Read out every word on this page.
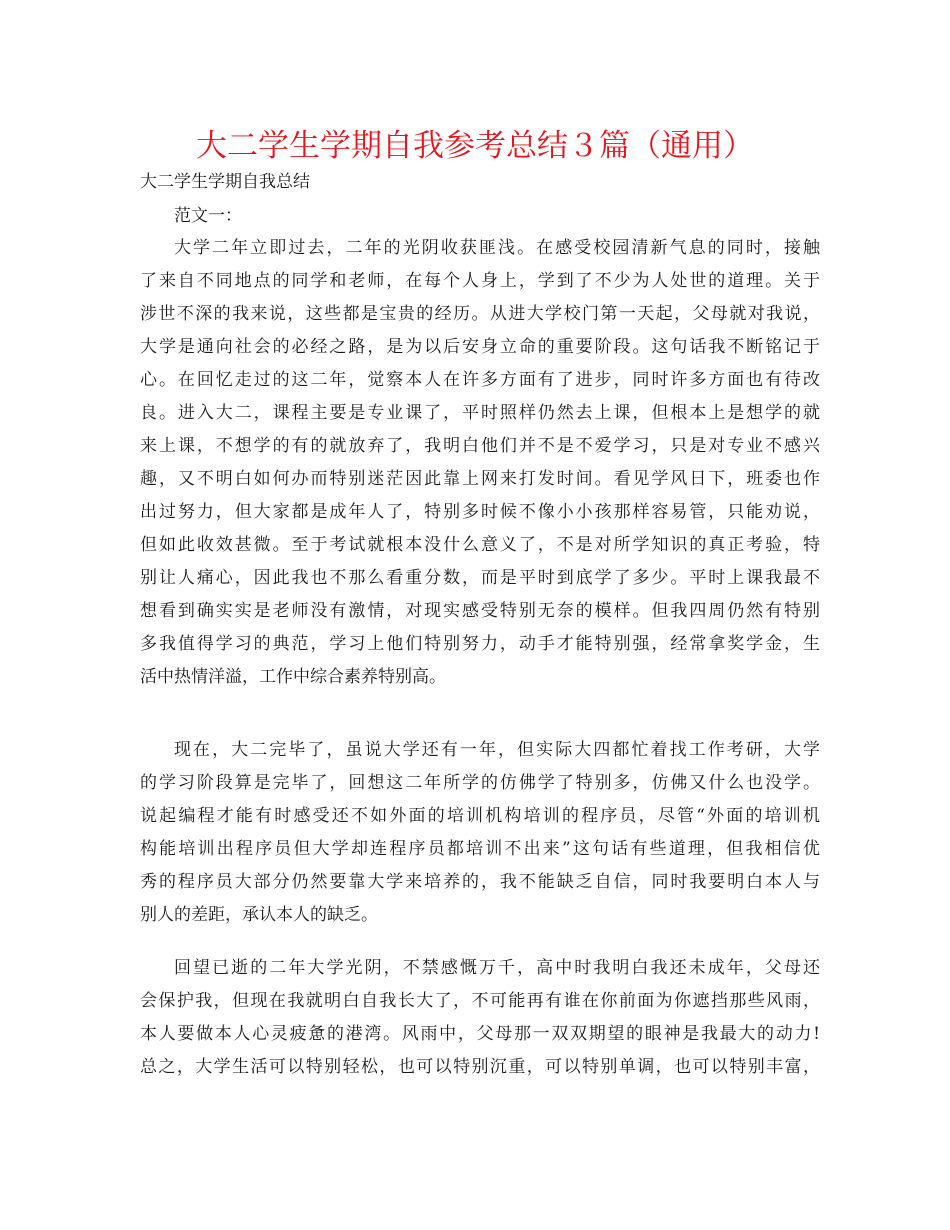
大二学生学期自我参考总结３篇（通用）
大二学生学期自我总结
范文一：
大学二年立即过去，二年的光阴收获匪浅。在感受校园清新气息的同时，接触
了来自不同地点的同学和老师，在每个人身上，学到了不少为人处世的道理。关于
涉世不深的我来说，这些都是宝贵的经历。从进大学校门第一天起，父母就对我说，
大学是通向社会的必经之路，是为以后安身立命的重要阶段。这句话我不断铭记于
心。在回忆走过的这二年，觉察本人在许多方面有了进步，同时许多方面也有待改
良。进入大二，课程主要是专业课了，平时照样仍然去上课，但根本上是想学的就
来上课，不想学的有的就放弃了，我明白他们并不是不爱学习，只是对专业不感兴
趣，又不明白如何办而特别迷茫因此靠上网来打发时间。看见学风日下，班委也作
出过努力，但大家都是成年人了，特别多时候不像小小孩那样容易管，只能劝说，
但如此收效甚微。至于考试就根本没什么意义了，不是对所学知识的真正考验，特
别让人痛心，因此我也不那么看重分数，而是平时到底学了多少。平时上课我最不
想看到确实实是老师没有激情，对现实感受特别无奈的模样。但我四周仍然有特别
多我值得学习的典范，学习上他们特别努力，动手才能特别强，经常拿奖学金，生
活中热情洋溢，工作中综合素养特别高。
现在，大二完毕了，虽说大学还有一年，但实际大四都忙着找工作考研，大学
的学习阶段算是完毕了，回想这二年所学的仿佛学了特别多，仿佛又什么也没学。
说起编程才能有时感受还不如外面的培训机构培训的程序员，尽管“外面的培训机
构能培训出程序员但大学却连程序员都培训不出来”这句话有些道理，但我相信优
秀的程序员大部分仍然要靠大学来培养的，我不能缺乏自信，同时我要明白本人与
别人的差距，承认本人的缺乏。
回望已逝的二年大学光阴，不禁感慨万千，高中时我明白我还未成年，父母还
会保护我，但现在我就明白自我长大了，不可能再有谁在你前面为你遮挡那些风雨，
本人要做本人心灵疲惫的港湾。风雨中，父母那一双双期望的眼神是我最大的动力!
总之，大学生活可以特别轻松，也可以特别沉重，可以特别单调，也可以特别丰富，
